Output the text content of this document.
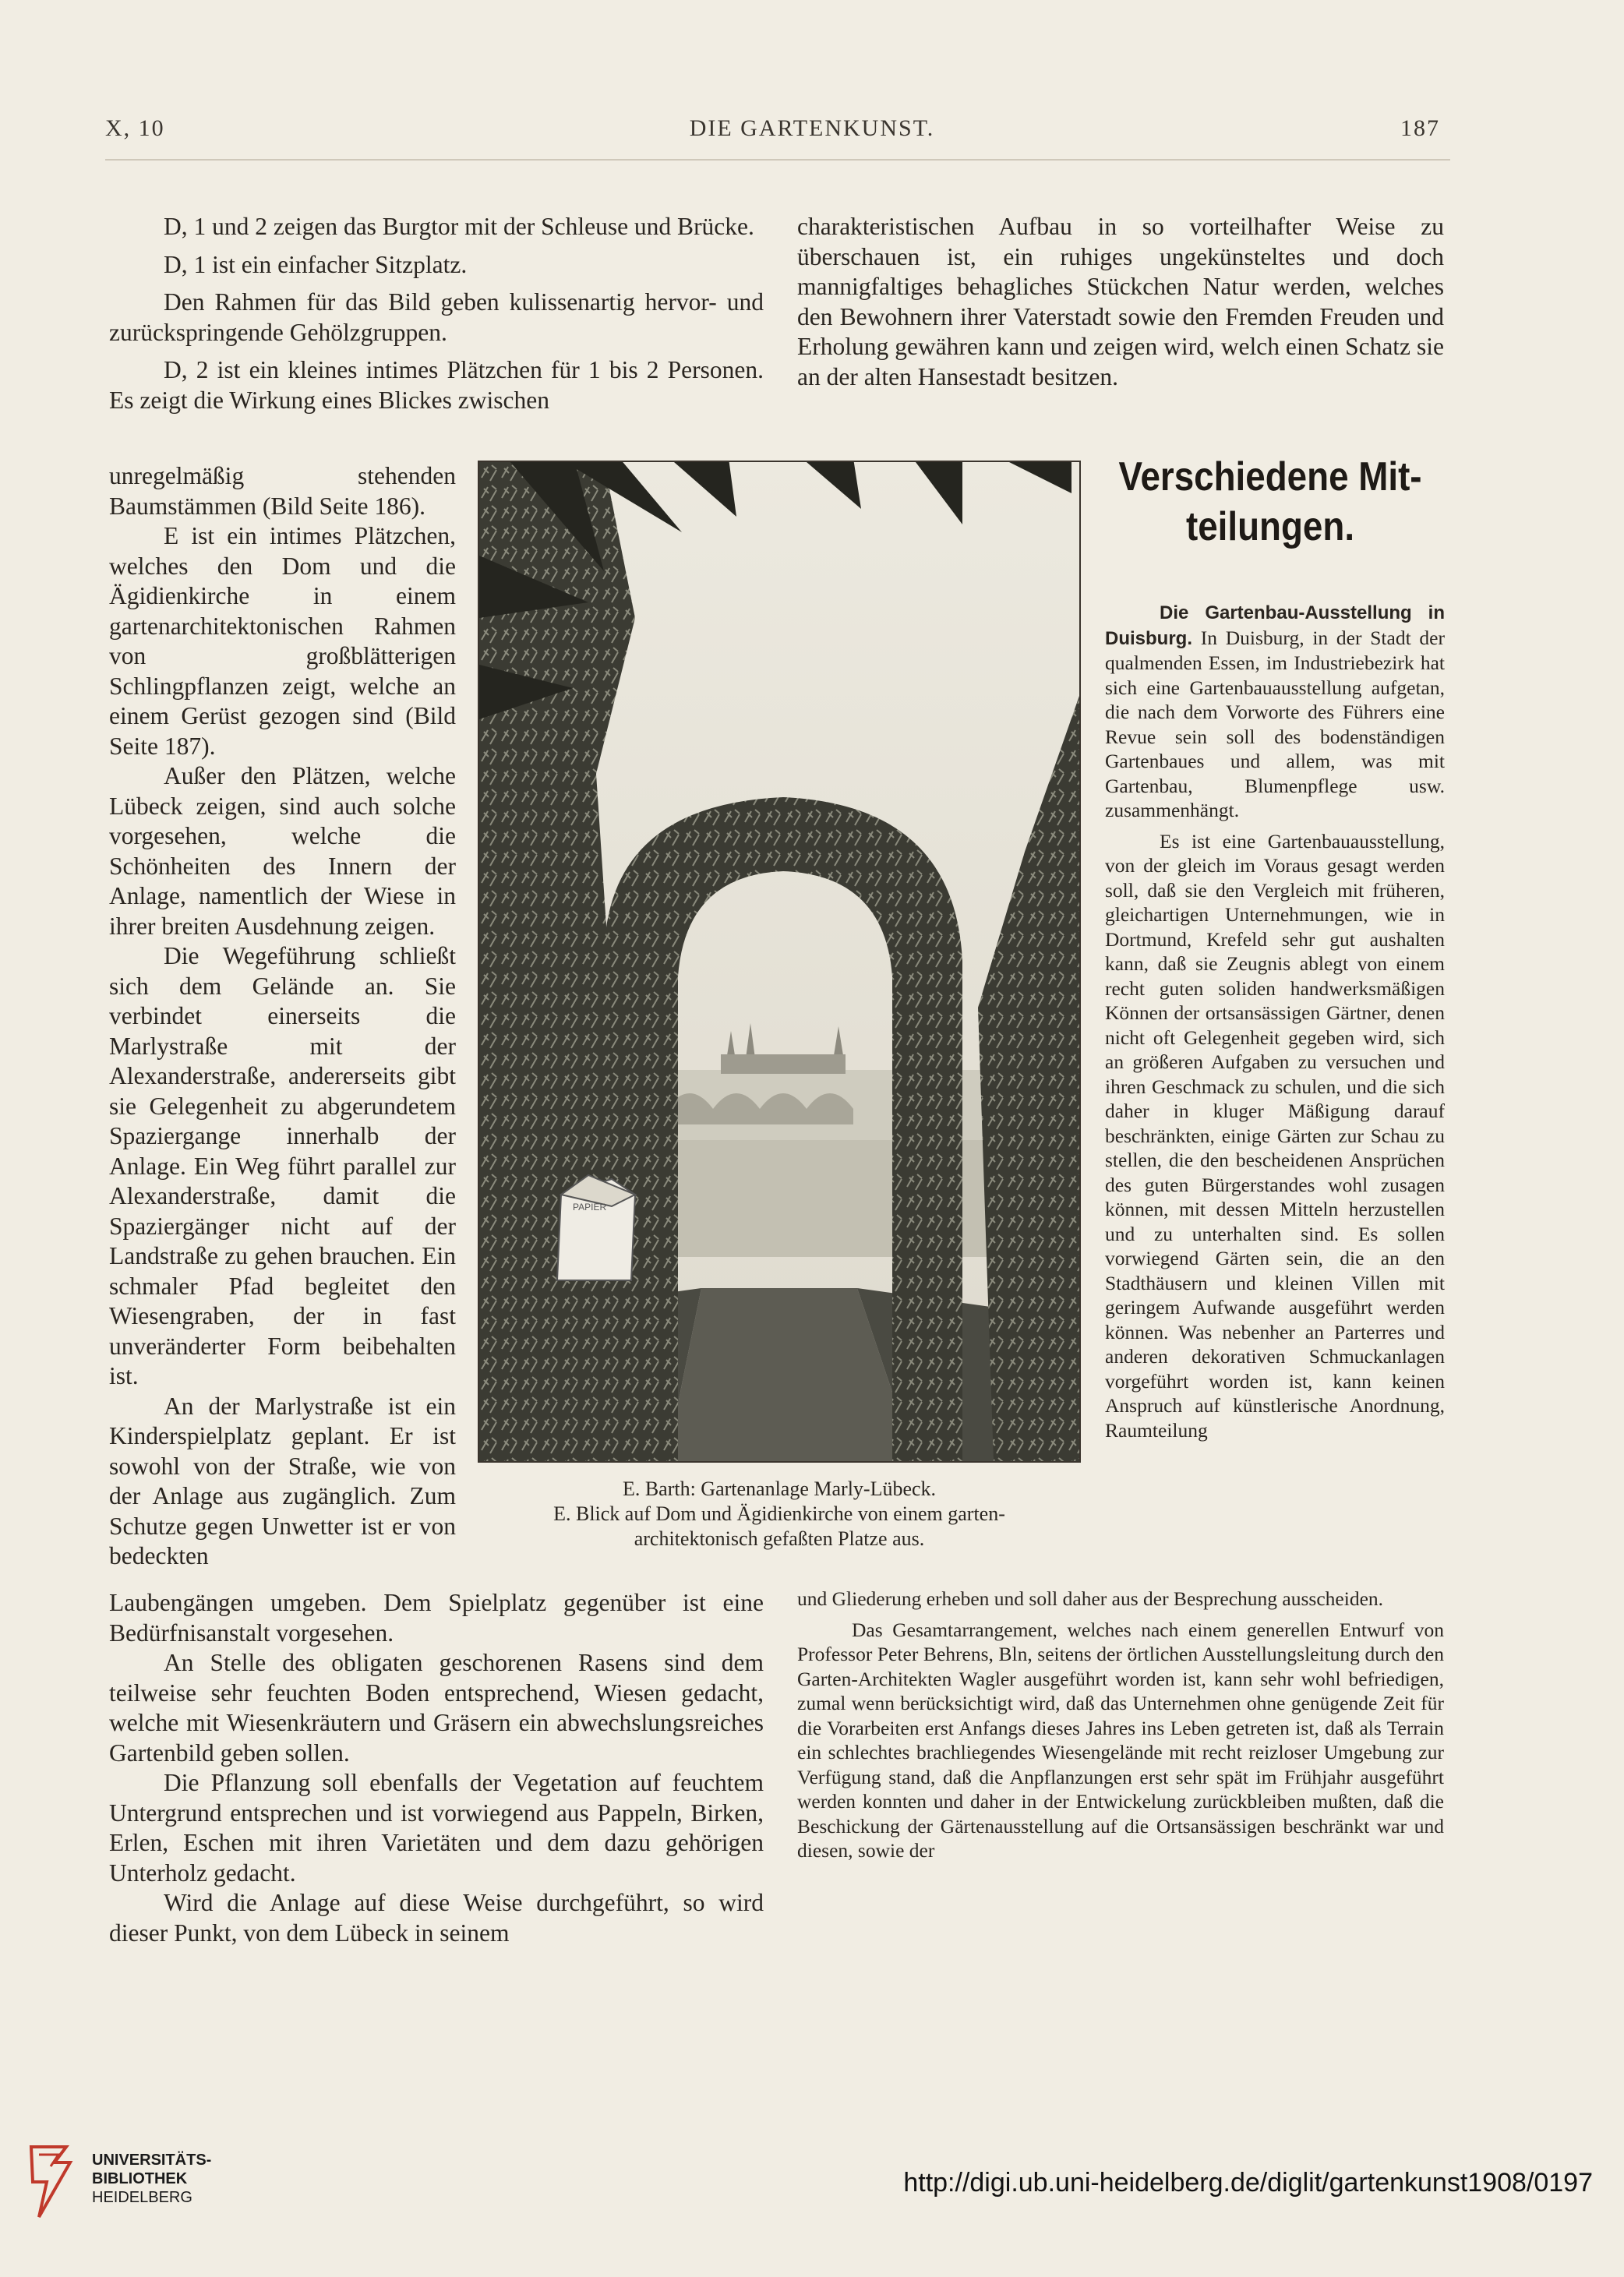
X, 10	DIE GARTENKUNST.	187

D, 1 und 2 zeigen das Burgtor mit der Schleuse und Brücke.

D, 1 ist ein einfacher Sitzplatz.

Den Rahmen für das Bild geben kulissenartig hervor- und zurückspringende Gehölzgruppen.

D, 2 ist ein kleines intimes Plätzchen für 1 bis 2 Personen. Es zeigt die Wirkung eines Blickes zwischen

unregelmäßig stehenden Baumstämmen (Bild Seite 186).

E ist ein intimes Plätzchen, welches den Dom und die Ägidienkirche in einem gartenarchitektonischen Rahmen von großblätterigen Schlingpflanzen zeigt, welche an einem Gerüst gezogen sind (Bild Seite 187).

Außer den Plätzen, welche Lübeck zeigen, sind auch solche vorgesehen, welche die Schönheiten des Innern der Anlage, namentlich der Wiese in ihrer breiten Ausdehnung zeigen.

Die Wegeführung schließt sich dem Gelände an. Sie verbindet einerseits die Marlystraße mit der Alexanderstraße, andererseits gibt sie Gelegenheit zu abgerundetem Spaziergange innerhalb der Anlage. Ein Weg führt parallel zur Alexanderstraße, damit die Spaziergänger nicht auf der Landstraße zu gehen brauchen. Ein schmaler Pfad begleitet den Wiesengraben, der in fast unveränderter Form beibehalten ist.

An der Marlystraße ist ein Kinderspielplatz geplant. Er ist sowohl von der Straße, wie von der Anlage aus zugänglich. Zum Schutze gegen Unwetter ist er von bedeckten

Laubengängen umgeben. Dem Spielplatz gegenüber ist eine Bedürfnisanstalt vorgesehen.

An Stelle des obligaten geschorenen Rasens sind dem teilweise sehr feuchten Boden entsprechend, Wiesen gedacht, welche mit Wiesenkräutern und Gräsern ein abwechslungsreiches Gartenbild geben sollen.

Die Pflanzung soll ebenfalls der Vegetation auf feuchtem Untergrund entsprechen und ist vorwiegend aus Pappeln, Birken, Erlen, Eschen mit ihren Varietäten und dem dazu gehörigen Unterholz gedacht.

Wird die Anlage auf diese Weise durchgeführt, so wird dieser Punkt, von dem Lübeck in seinem

charakteristischen Aufbau in so vorteilhafter Weise zu überschauen ist, ein ruhiges ungekünsteltes und doch mannigfaltiges behagliches Stückchen Natur werden, welches den Bewohnern ihrer Vaterstadt sowie den Fremden Freuden und Erholung gewähren kann und zeigen wird, welch einen Schatz sie an der alten Hansestadt besitzen.

PAPIER
E. Barth: Gartenanlage Marly-Lübeck.
E. Blick auf Dom und Ägidienkirche von einem garten-
architektonisch gefaßten Platze aus.
Verschiedene Mit-
teilungen.

Die Gartenbau-Ausstellung in Duisburg. In Duisburg, in der Stadt der qualmenden Essen, im Industriebezirk hat sich eine Gartenbauausstellung aufgetan, die nach dem Vorworte des Führers eine Revue sein soll des bodenständigen Gartenbaues und allem, was mit Gartenbau, Blumenpflege usw. zusammenhängt.

Es ist eine Gartenbauausstellung, von der gleich im Voraus gesagt werden soll, daß sie den Vergleich mit früheren, gleichartigen Unternehmungen, wie in Dortmund, Krefeld sehr gut aushalten kann, daß sie Zeugnis ablegt von einem recht guten soliden handwerksmäßigen Können der ortsansässigen Gärtner, denen nicht oft Gelegenheit gegeben wird, sich an größeren Aufgaben zu versuchen und ihren Geschmack zu schulen, und die sich daher in kluger Mäßigung darauf beschränkten, einige Gärten zur Schau zu stellen, die den bescheidenen Ansprüchen des guten Bürgerstandes wohl zusagen können, mit dessen Mitteln herzustellen und zu unterhalten sind. Es sollen vorwiegend Gärten sein, die an den Stadthäusern und kleinen Villen mit geringem Aufwande ausgeführt werden können. Was nebenher an Parterres und anderen dekorativen Schmuckanlagen vorgeführt worden ist, kann keinen Anspruch auf künstlerische Anordnung, Raumteilung

und Gliederung erheben und soll daher aus der Besprechung ausscheiden.

Das Gesamtarrangement, welches nach einem generellen Entwurf von Professor Peter Behrens, Bln, seitens der örtlichen Ausstellungsleitung durch den Garten-Architekten Wagler ausgeführt worden ist, kann sehr wohl befriedigen, zumal wenn berücksichtigt wird, daß das Unternehmen ohne genügende Zeit für die Vorarbeiten erst Anfangs dieses Jahres ins Leben getreten ist, daß als Terrain ein schlechtes brachliegendes Wiesengelände mit recht reizloser Umgebung zur Verfügung stand, daß die Anpflanzungen erst sehr spät im Frühjahr ausgeführt werden konnten und daher in der Entwickelung zurückbleiben mußten, daß die Beschickung der Gärtenausstellung auf die Ortsansässigen beschränkt war und diesen, sowie der

UNIVERSITÄTS-
BIBLIOTHEK
HEIDELBERG	http://digi.ub.uni-heidelberg.de/diglit/gartenkunst1908/0197
